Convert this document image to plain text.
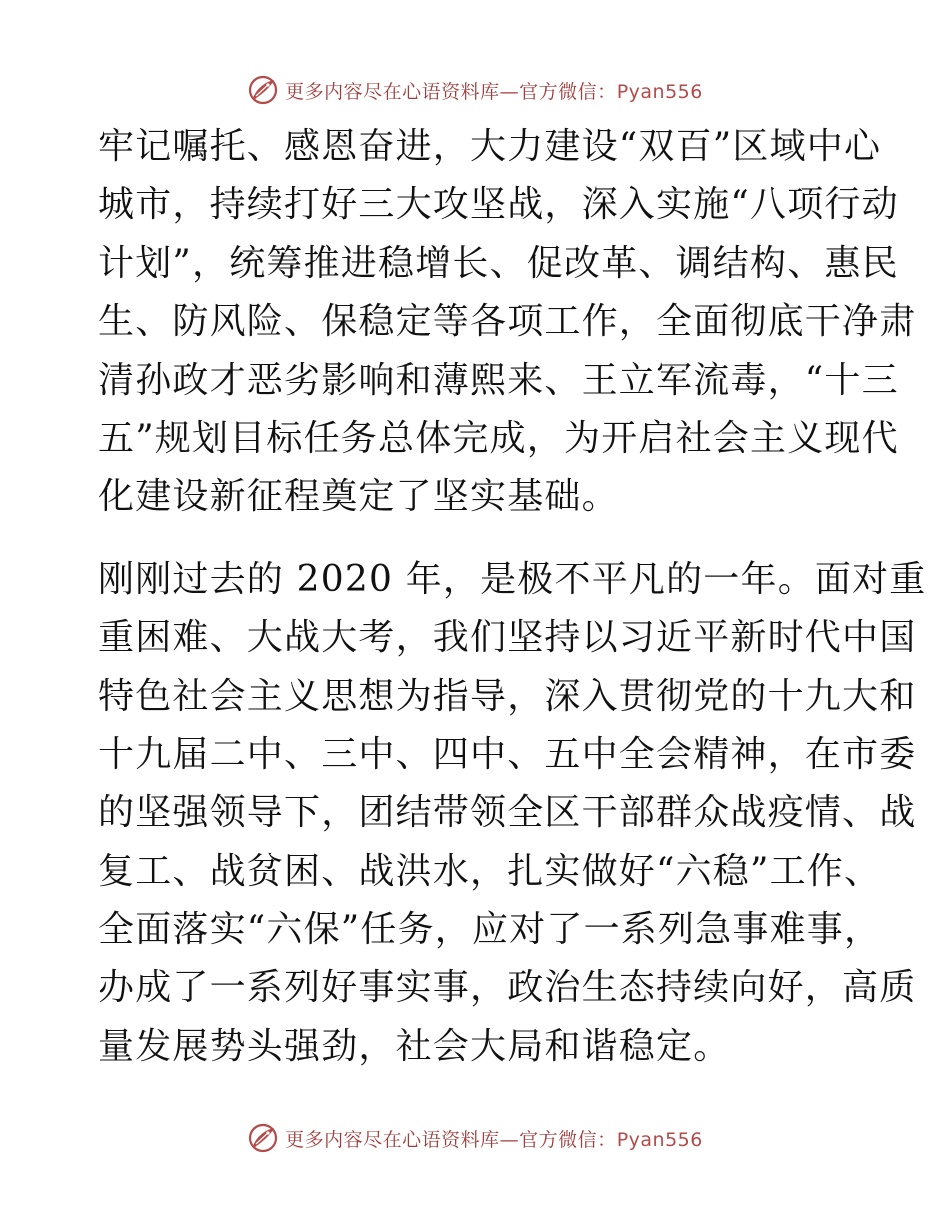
更多内容尽在心语资料库—官方微信：Pyan556
牢记嘱托、感恩奋进，大力建设“双百”区域中心
城市，持续打好三大攻坚战，深入实施“八项行动
计划”，统筹推进稳增长、促改革、调结构、惠民
生、防风险、保稳定等各项工作，全面彻底干净肃
清孙政才恶劣影响和薄熙来、王立军流毒，“十三
五”规划目标任务总体完成，为开启社会主义现代
化建设新征程奠定了坚实基础。
刚刚过去的 2020 年，是极不平凡的一年。面对重
重困难、大战大考，我们坚持以习近平新时代中国
特色社会主义思想为指导，深入贯彻党的十九大和
十九届二中、三中、四中、五中全会精神，在市委
的坚强领导下，团结带领全区干部群众战疫情、战
复工、战贫困、战洪水，扎实做好“六稳”工作、
全面落实“六保”任务，应对了一系列急事难事，
办成了一系列好事实事，政治生态持续向好，高质
量发展势头强劲，社会大局和谐稳定。
更多内容尽在心语资料库—官方微信：Pyan556
